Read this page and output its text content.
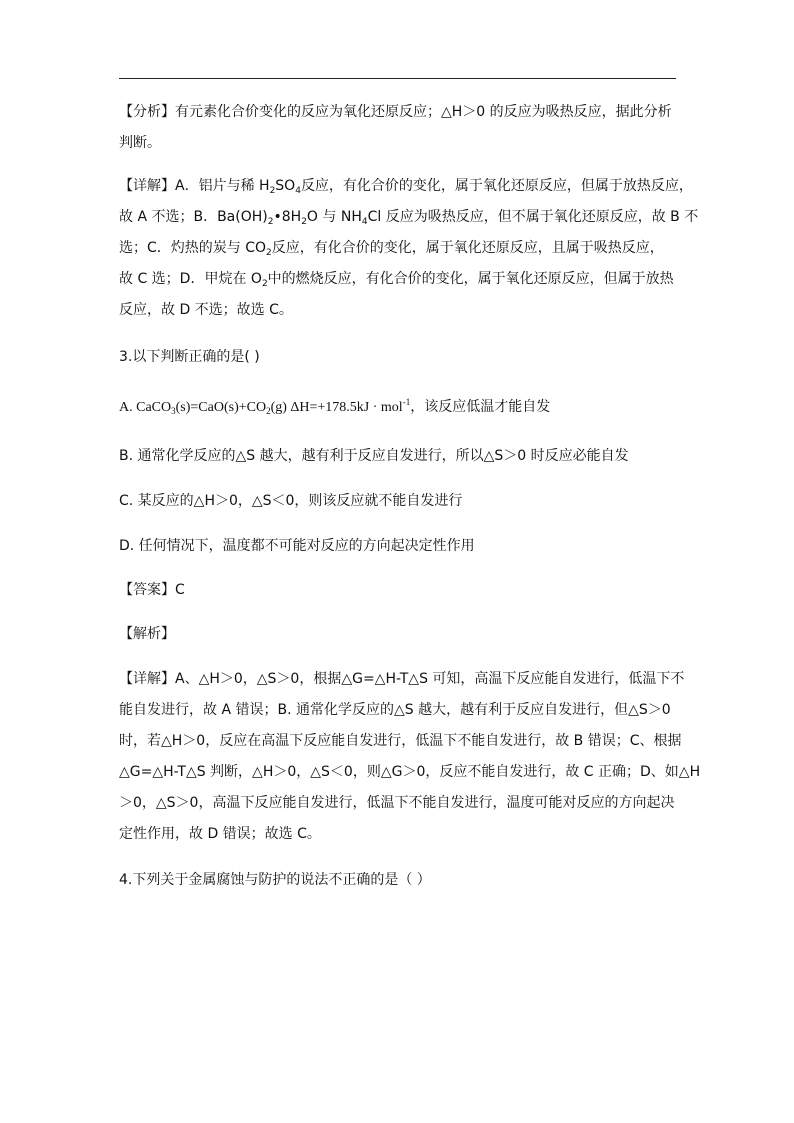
【分析】有元素化合价变化的反应为氧化还原反应；△H＞0 的反应为吸热反应，据此分析
判断。
【详解】A．铝片与稀 $H_2SO_4$反应，有化合价的变化，属于氧化还原反应，但属于放热反应，
故 A 不选；B．$Ba(OH)_2•8H_2O$ 与 $NH_4Cl$ 反应为吸热反应，但不属于氧化还原反应，故 B 不
选；C．灼热的炭与 $CO_2$反应，有化合价的变化，属于氧化还原反应，且属于吸热反应，
故 C 选；D．甲烷在 $O_2$中的燃烧反应，有化合价的变化，属于氧化还原反应，但属于放热
反应，故 D 不选；故选 C。
3.以下判断正确的是( )
A. $CaCO_3(s)=CaO(s)+CO_2(g) \Delta H=+178.5kJ \cdot mol^{-1}$，该反应低温才能自发
B. 通常化学反应的△S 越大，越有利于反应自发进行，所以△S＞0 时反应必能自发
C. 某反应的△H＞0，△S＜0，则该反应就不能自发进行
D. 任何情况下，温度都不可能对反应的方向起决定性作用
【答案】C
【解析】
【详解】A、△H＞0，△S＞0，根据△G=△H-T△S 可知，高温下反应能自发进行，低温下不
能自发进行，故 A 错误；B. 通常化学反应的△S 越大，越有利于反应自发进行，但△S＞0
时，若△H＞0，反应在高温下反应能自发进行，低温下不能自发进行，故 B 错误；C、根据
△G=△H-T△S 判断，△H＞0，△S＜0，则△G＞0，反应不能自发进行，故 C 正确；D、如△H
＞0，△S＞0，高温下反应能自发进行，低温下不能自发进行，温度可能对反应的方向起决
定性作用，故 D 错误；故选 C。
4.下列关于金属腐蚀与防护的说法不正确的是（ ）
